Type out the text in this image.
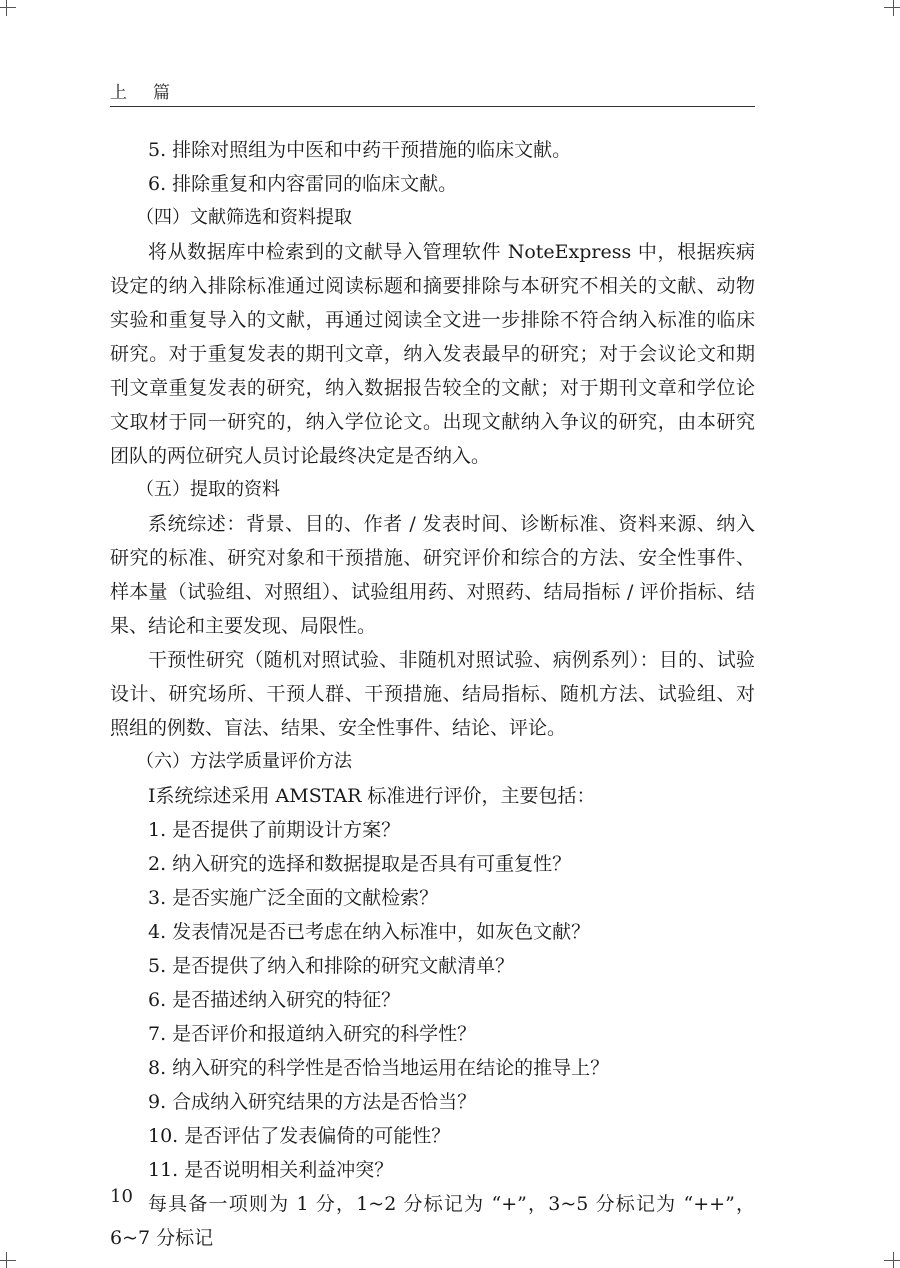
上篇

5. 排除对照组为中医和中药干预措施的临床文献。

6. 排除重复和内容雷同的临床文献。

（四）文献筛选和资料提取

将从数据库中检索到的文献导入管理软件 NoteExpress 中，根据疾病设定的纳入排除标准通过阅读标题和摘要排除与本研究不相关的文献、动物实验和重复导入的文献，再通过阅读全文进一步排除不符合纳入标准的临床研究。对于重复发表的期刊文章，纳入发表最早的研究；对于会议论文和期刊文章重复发表的研究，纳入数据报告较全的文献；对于期刊文章和学位论文取材于同一研究的，纳入学位论文。出现文献纳入争议的研究，由本研究团队的两位研究人员讨论最终决定是否纳入。

（五）提取的资料

系统综述：背景、目的、作者 / 发表时间、诊断标准、资料来源、纳入研究的标准、研究对象和干预措施、研究评价和综合的方法、安全性事件、样本量（试验组、对照组）、试验组用药、对照药、结局指标 / 评价指标、结果、结论和主要发现、局限性。

干预性研究（随机对照试验、非随机对照试验、病例系列）：目的、试验设计、研究场所、干预人群、干预措施、结局指标、随机方法、试验组、对照组的例数、盲法、结果、安全性事件、结论、评论。

（六）方法学质量评价方法

Ⅰ系统综述采用 AMSTAR 标准进行评价，主要包括：

1. 是否提供了前期设计方案？

2. 纳入研究的选择和数据提取是否具有可重复性？

3. 是否实施广泛全面的文献检索？

4. 发表情况是否已考虑在纳入标准中，如灰色文献？

5. 是否提供了纳入和排除的研究文献清单？

6. 是否描述纳入研究的特征？

7. 是否评价和报道纳入研究的科学性？

8. 纳入研究的科学性是否恰当地运用在结论的推导上？

9. 合成纳入研究结果的方法是否恰当？

10. 是否评估了发表偏倚的可能性？

11. 是否说明相关利益冲突？

每具备一项则为 1 分，1~2 分标记为 “+”，3~5 分标记为 “++”，6~7 分标记

10
